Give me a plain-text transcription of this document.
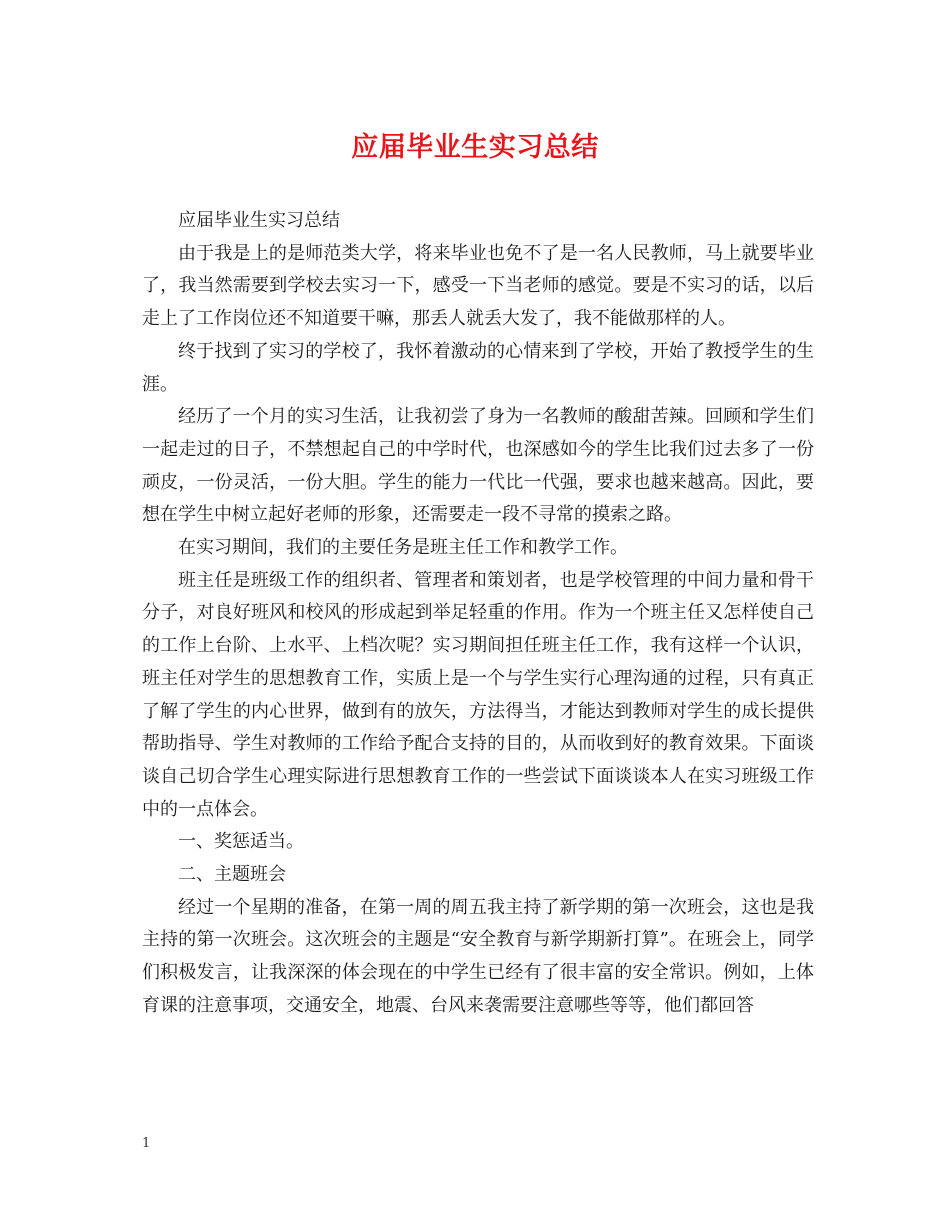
应届毕业生实习总结

应届毕业生实习总结

由于我是上的是师范类大学，将来毕业也免不了是一名人民教师，马上就要毕业了，我当然需要到学校去实习一下，感受一下当老师的感觉。要是不实习的话，以后走上了工作岗位还不知道要干嘛，那丢人就丢大发了，我不能做那样的人。

终于找到了实习的学校了，我怀着激动的心情来到了学校，开始了教授学生的生涯。

经历了一个月的实习生活，让我初尝了身为一名教师的酸甜苦辣。回顾和学生们一起走过的日子，不禁想起自己的中学时代，也深感如今的学生比我们过去多了一份顽皮，一份灵活，一份大胆。学生的能力一代比一代强，要求也越来越高。因此，要想在学生中树立起好老师的形象，还需要走一段不寻常的摸索之路。

在实习期间，我们的主要任务是班主任工作和教学工作。

班主任是班级工作的组织者、管理者和策划者，也是学校管理的中间力量和骨干分子，对良好班风和校风的形成起到举足轻重的作用。作为一个班主任又怎样使自己的工作上台阶、上水平、上档次呢？实习期间担任班主任工作，我有这样一个认识，班主任对学生的思想教育工作，实质上是一个与学生实行心理沟通的过程，只有真正了解了学生的内心世界，做到有的放矢，方法得当，才能达到教师对学生的成长提供帮助指导、学生对教师的工作给予配合支持的目的，从而收到好的教育效果。下面谈谈自己切合学生心理实际进行思想教育工作的一些尝试下面谈谈本人在实习班级工作中的一点体会。

一、奖惩适当。

二、主题班会

经过一个星期的准备，在第一周的周五我主持了新学期的第一次班会，这也是我主持的第一次班会。这次班会的主题是“安全教育与新学期新打算”。在班会上，同学们积极发言，让我深深的体会现在的中学生已经有了很丰富的安全常识。例如，上体育课的注意事项，交通安全，地震、台风来袭需要注意哪些等等，他们都回答

1
